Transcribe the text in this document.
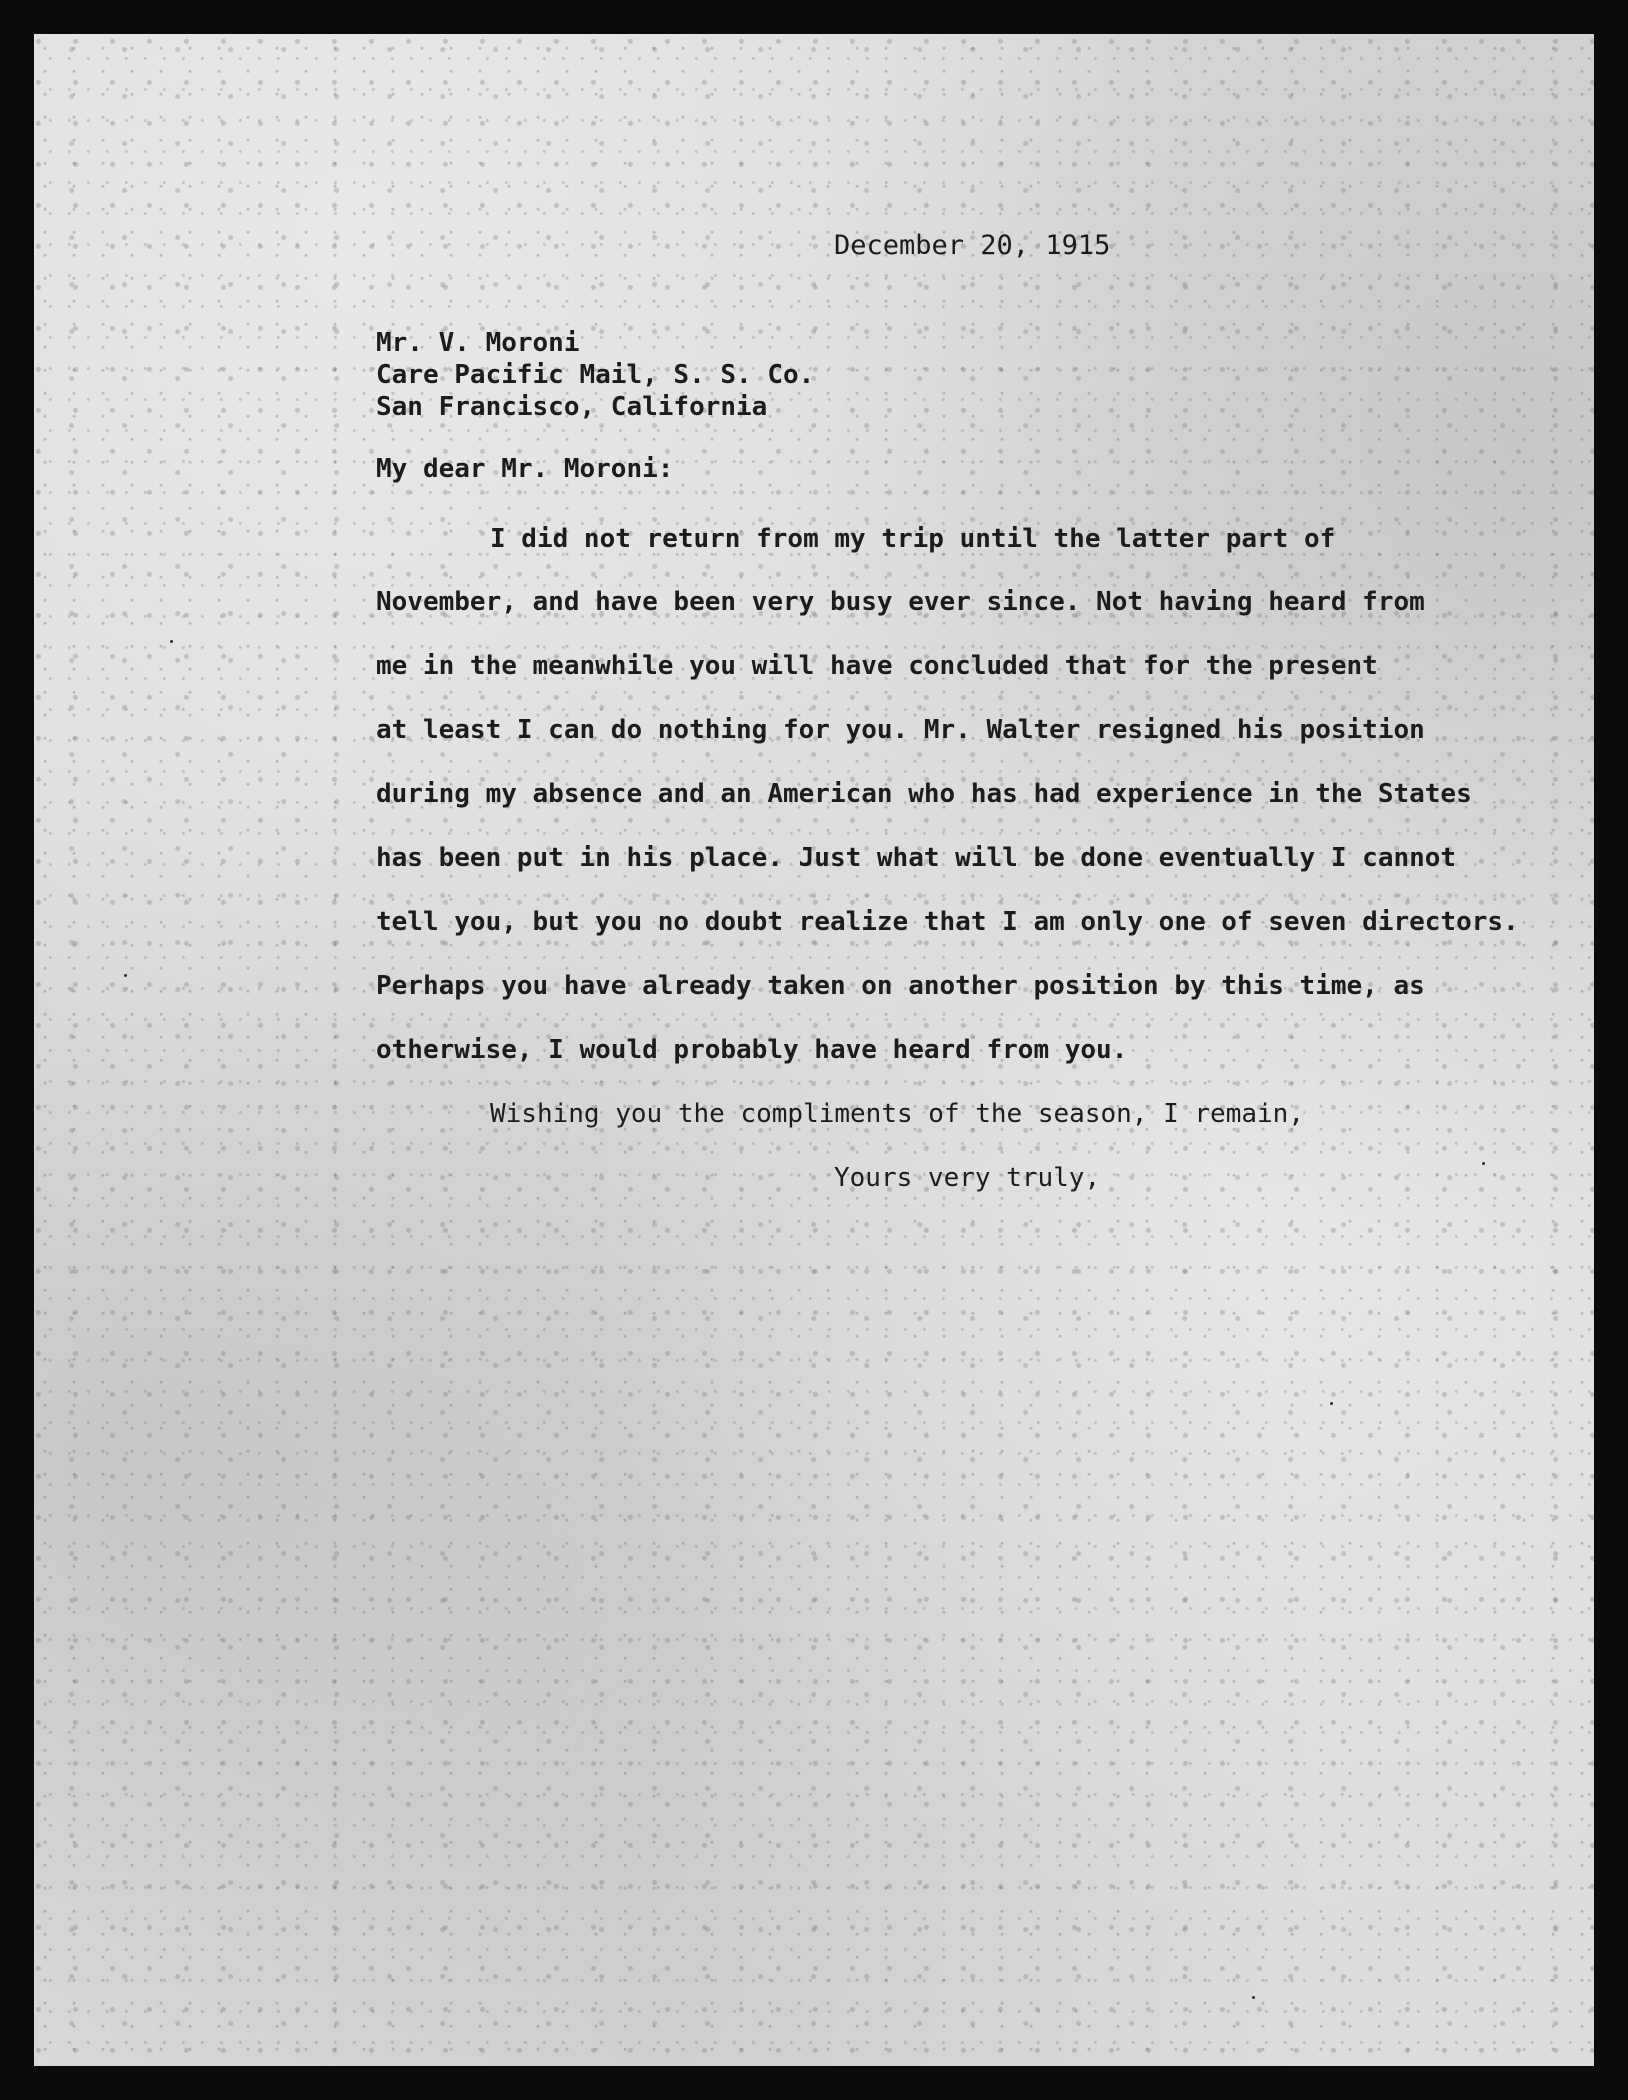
December 20, 1915
Mr. V. Moroni
Care Pacific Mail, S. S. Co.
San Francisco, California
My dear Mr. Moroni:
I did not return from my trip until the latter part of
November, and have been very busy ever since. Not having heard from
me in the meanwhile you will have concluded that for the present
at least I can do nothing for you. Mr. Walter resigned his position
during my absence and an American who has had experience in the States
has been put in his place. Just what will be done eventually I cannot
tell you, but you no doubt realize that I am only one of seven directors.
Perhaps you have already taken on another position by this time, as
otherwise, I would probably have heard from you.
Wishing you the compliments of the season, I remain,
Yours very truly,
